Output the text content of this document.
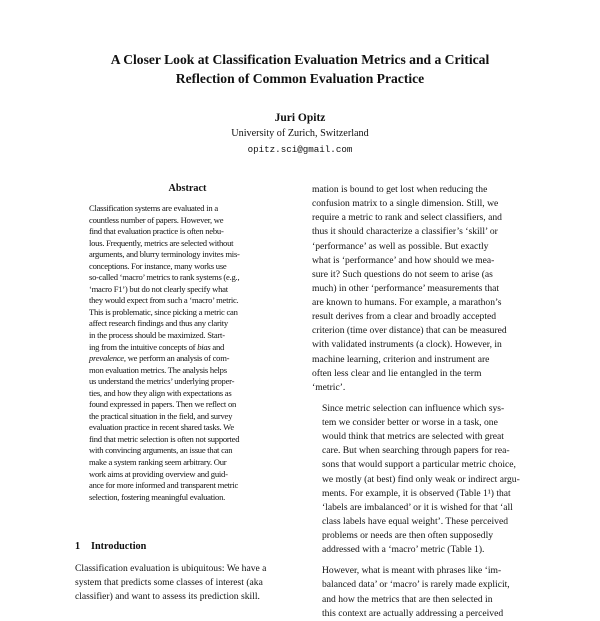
A Closer Look at Classification Evaluation Metrics and a Critical
Reflection of Common Evaluation Practice
Juri Opitz
University of Zurich, Switzerland
opitz.sci@gmail.com
Abstract
Classification systems are evaluated in a
countless number of papers. However, we
find that evaluation practice is often nebu-
lous. Frequently, metrics are selected without
arguments, and blurry terminology invites mis-
conceptions. For instance, many works use
so-called ‘macro’ metrics to rank systems (e.g.,
‘macro F1’) but do not clearly specify what
they would expect from such a ‘macro’ metric.
This is problematic, since picking a metric can
affect research findings and thus any clarity
in the process should be maximized. Start-
ing from the intuitive concepts of bias and
prevalence, we perform an analysis of com-
mon evaluation metrics. The analysis helps
us understand the metrics’ underlying proper-
ties, and how they align with expectations as
found expressed in papers. Then we reflect on
the practical situation in the field, and survey
evaluation practice in recent shared tasks. We
find that metric selection is often not supported
with convincing arguments, an issue that can
make a system ranking seem arbitrary. Our
work aims at providing overview and guid-
ance for more informed and transparent metric
selection, fostering meaningful evaluation.
1 Introduction
Classification evaluation is ubiquitous: We have a
system that predicts some classes of interest (aka
classifier) and want to assess its prediction skill.

mation is bound to get lost when reducing the
confusion matrix to a single dimension. Still, we
require a metric to rank and select classifiers, and
thus it should characterize a classifier’s ‘skill’ or
‘performance’ as well as possible. But exactly
what is ‘performance’ and how should we mea-
sure it? Such questions do not seem to arise (as
much) in other ‘performance’ measurements that
are known to humans. For example, a marathon’s
result derives from a clear and broadly accepted
criterion (time over distance) that can be measured
with validated instruments (a clock). However, in
machine learning, criterion and instrument are
often less clear and lie entangled in the term
‘metric’.

Since metric selection can influence which sys-
tem we consider better or worse in a task, one
would think that metrics are selected with great
care. But when searching through papers for rea-
sons that would support a particular metric choice,
we mostly (at best) find only weak or indirect argu-
ments. For example, it is observed (Table 1¹) that
‘labels are imbalanced’ or it is wished for that ‘all
class labels have equal weight’. These perceived
problems or needs are then often supposedly
addressed with a ‘macro’ metric (Table 1).

However, what is meant with phrases like ‘im-
balanced data’ or ‘macro’ is rarely made explicit,
and how the metrics that are then selected in
this context are actually addressing a perceived
